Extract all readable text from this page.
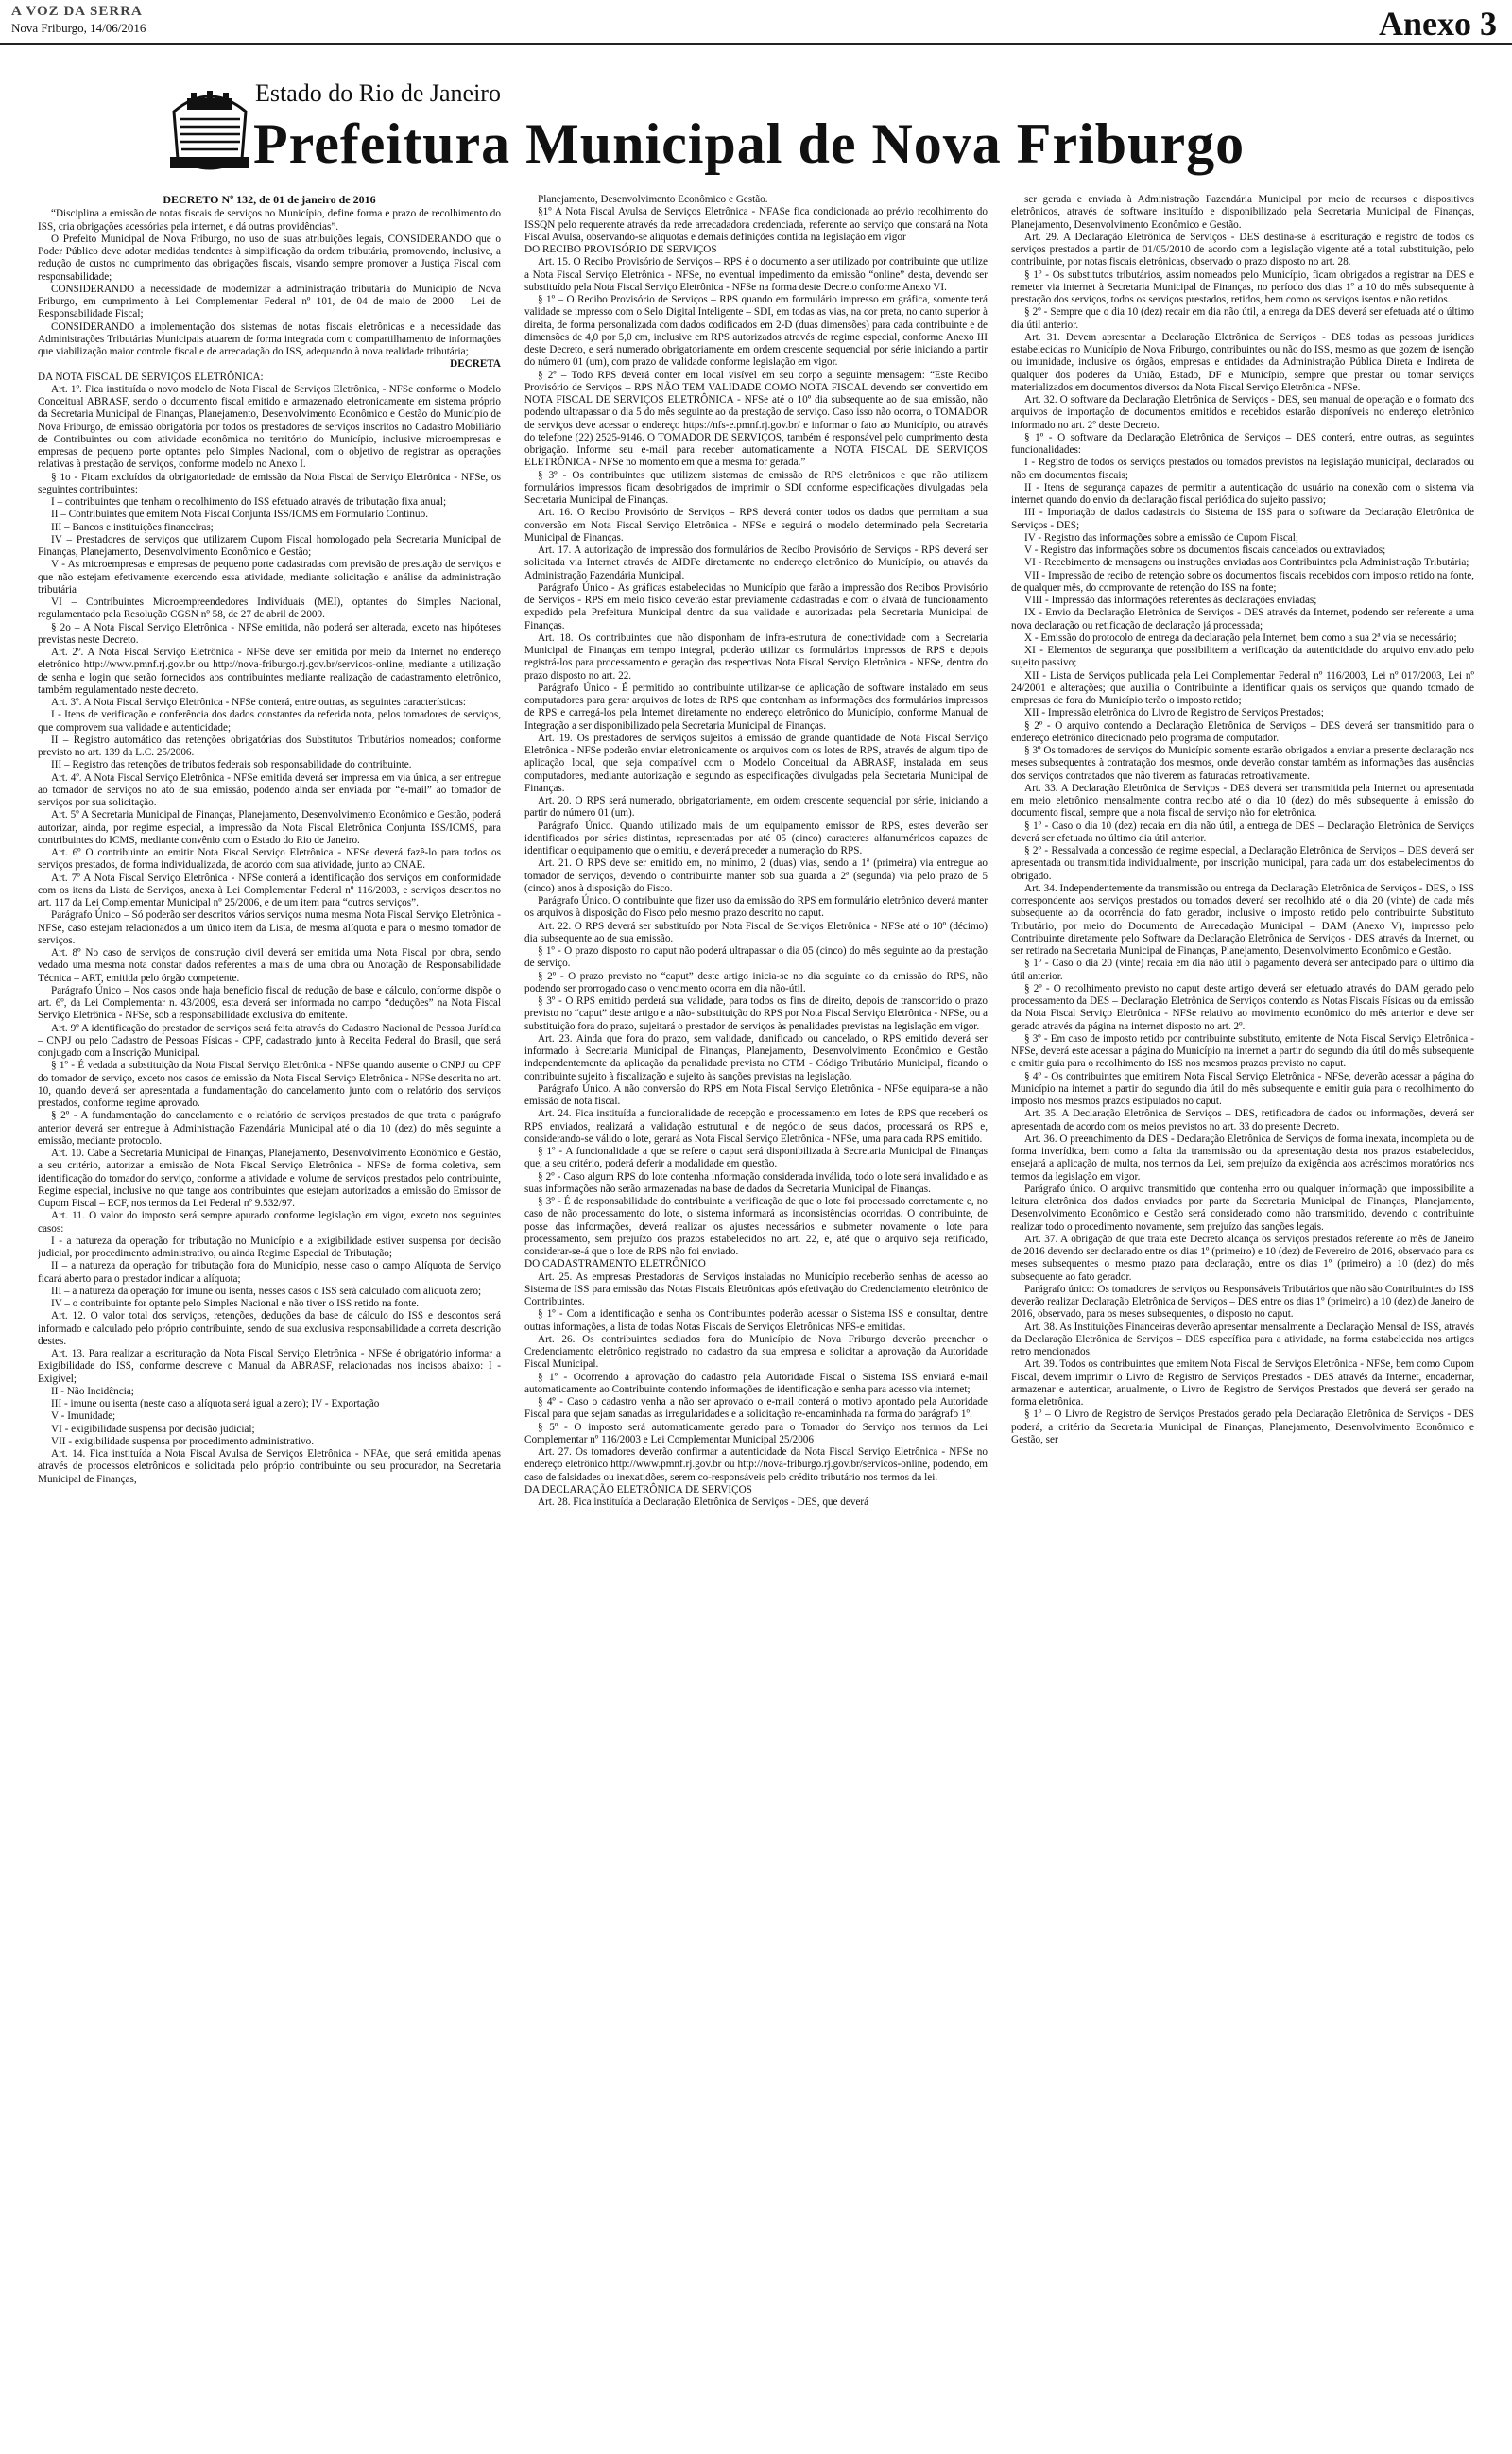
A VOZ DA SERRA
Nova Friburgo, 14/06/2016	Anexo 3
Estado do Rio de Janeiro
Prefeitura Municipal de Nova Friburgo

DECRETO Nº 132, de 01 de janeiro de 2016

“Disciplina a emissão de notas fiscais de serviços no Município, define forma e prazo de recolhimento do ISS, cria obrigações acessórias pela internet, e dá outras providências”.

O Prefeito Municipal de Nova Friburgo, no uso de suas atribuições legais, CONSIDERANDO que o Poder Público deve adotar medidas tendentes à simplificação da ordem tributária, promovendo, inclusive, a redução de custos no cumprimento das obrigações fiscais, visando sempre promover a Justiça Fiscal com responsabilidade;

CONSIDERANDO a necessidade de modernizar a administração tributária do Município de Nova Friburgo, em cumprimento à Lei Complementar Federal nº 101, de 04 de maio de 2000 – Lei de Responsabilidade Fiscal;

CONSIDERANDO a implementação dos sistemas de notas fiscais eletrônicas e a necessidade das Administrações Tributárias Municipais atuarem de forma integrada com o compartilhamento de informações que viabilização maior controle fiscal e de arrecadação do ISS, adequando à nova realidade tributária;

DECRETA

DA NOTA FISCAL DE SERVIÇOS ELETRÔNICA:

Art. 1º. Fica instituída o novo modelo de Nota Fiscal de Serviços Eletrônica, - NFSe conforme o Modelo Conceitual ABRASF, sendo o documento fiscal emitido e armazenado eletronicamente em sistema próprio da Secretaria Municipal de Finanças, Planejamento, Desenvolvimento Econômico e Gestão do Município de Nova Friburgo, de emissão obrigatória por todos os prestadores de serviços inscritos no Cadastro Mobiliário de Contribuintes ou com atividade econômica no território do Município, inclusive microempresas e empresas de pequeno porte optantes pelo Simples Nacional, com o objetivo de registrar as operações relativas à prestação de serviços, conforme modelo no Anexo I.

§ 1o - Ficam excluídos da obrigatoriedade de emissão da Nota Fiscal de Serviço Eletrônica - NFSe, os seguintes contribuintes:

I – contribuintes que tenham o recolhimento do ISS efetuado através de tributação fixa anual;

II – Contribuintes que emitem Nota Fiscal Conjunta ISS/ICMS em Formulário Contínuo.

III – Bancos e instituições financeiras;

IV – Prestadores de serviços que utilizarem Cupom Fiscal homologado pela Secretaria Municipal de Finanças, Planejamento, Desenvolvimento Econômico e Gestão;

V - As microempresas e empresas de pequeno porte cadastradas com previsão de prestação de serviços e que não estejam efetivamente exercendo essa atividade, mediante solicitação e análise da administração tributária

VI – Contribuintes Microempreendedores Individuais (MEI), optantes do Simples Nacional, regulamentado pela Resolução CGSN nº 58, de 27 de abril de 2009.

§ 2o – A Nota Fiscal Serviço Eletrônica - NFSe emitida, não poderá ser alterada, exceto nas hipóteses previstas neste Decreto.

Art. 2º. A Nota Fiscal Serviço Eletrônica - NFSe deve ser emitida por meio da Internet no endereço eletrônico http://www.pmnf.rj.gov.br ou http://nova-friburgo.rj.gov.br/servicos-online, mediante a utilização de senha e login que serão fornecidos aos contribuintes mediante realização de cadastramento eletrônico, também regulamentado neste decreto.

Art. 3º. A Nota Fiscal Serviço Eletrônica - NFSe conterá, entre outras, as seguintes características:

I - Itens de verificação e conferência dos dados constantes da referida nota, pelos tomadores de serviços, que comprovem sua validade e autenticidade;

II – Registro automático das retenções obrigatórias dos Substitutos Tributários nomeados; conforme previsto no art. 139 da L.C. 25/2006.

III – Registro das retenções de tributos federais sob responsabilidade do contribuinte.

Art. 4º. A Nota Fiscal Serviço Eletrônica - NFSe emitida deverá ser impressa em via única, a ser entregue ao tomador de serviços no ato de sua emissão, podendo ainda ser enviada por “e-mail” ao tomador de serviços por sua solicitação.

Art. 5º A Secretaria Municipal de Finanças, Planejamento, Desenvolvimento Econômico e Gestão, poderá autorizar, ainda, por regime especial, a impressão da Nota Fiscal Eletrônica Conjunta ISS/ICMS, para contribuintes do ICMS, mediante convênio com o Estado do Rio de Janeiro.

Art. 6º O contribuinte ao emitir Nota Fiscal Serviço Eletrônica - NFSe deverá fazê-lo para todos os serviços prestados, de forma individualizada, de acordo com sua atividade, junto ao CNAE.

Art. 7º A Nota Fiscal Serviço Eletrônica - NFSe conterá a identificação dos serviços em conformidade com os itens da Lista de Serviços, anexa à Lei Complementar Federal nº 116/2003, e serviços descritos no art. 117 da Lei Complementar Municipal nº 25/2006, e de um item para “outros serviços”.

Parágrafo Único – Só poderão ser descritos vários serviços numa mesma Nota Fiscal Serviço Eletrônica - NFSe, caso estejam relacionados a um único item da Lista, de mesma alíquota e para o mesmo tomador de serviços.

Art. 8º No caso de serviços de construção civil deverá ser emitida uma Nota Fiscal por obra, sendo vedado uma mesma nota constar dados referentes a mais de uma obra ou Anotação de Responsabilidade Técnica – ART, emitida pelo órgão competente.

Parágrafo Único – Nos casos onde haja benefício fiscal de redução de base e cálculo, conforme dispõe o art. 6º, da Lei Complementar n. 43/2009, esta deverá ser informada no campo “deduções” na Nota Fiscal Serviço Eletrônica - NFSe, sob a responsabilidade exclusiva do emitente.

Art. 9º A identificação do prestador de serviços será feita através do Cadastro Nacional de Pessoa Jurídica – CNPJ ou pelo Cadastro de Pessoas Físicas - CPF, cadastrado junto à Receita Federal do Brasil, que será conjugado com a Inscrição Municipal.

§ 1º - É vedada a substituição da Nota Fiscal Serviço Eletrônica - NFSe quando ausente o CNPJ ou CPF do tomador de serviço, exceto nos casos de emissão da Nota Fiscal Serviço Eletrônica - NFSe descrita no art. 10, quando deverá ser apresentada a fundamentação do cancelamento junto com o relatório dos serviços prestados, conforme regime aprovado.

§ 2º - A fundamentação do cancelamento e o relatório de serviços prestados de que trata o parágrafo anterior deverá ser entregue à Administração Fazendária Municipal até o dia 10 (dez) do mês seguinte a emissão, mediante protocolo.

Art. 10. Cabe a Secretaria Municipal de Finanças, Planejamento, Desenvolvimento Econômico e Gestão, a seu critério, autorizar a emissão de Nota Fiscal Serviço Eletrônica - NFSe de forma coletiva, sem identificação do tomador do serviço, conforme a atividade e volume de serviços prestados pelo contribuinte, Regime especial, inclusive no que tange aos contribuintes que estejam autorizados a emissão do Emissor de Cupom Fiscal – ECF, nos termos da Lei Federal nº 9.532/97.

Art. 11. O valor do imposto será sempre apurado conforme legislação em vigor, exceto nos seguintes casos:

I - a natureza da operação for tributação no Município e a exigibilidade estiver suspensa por decisão judicial, por procedimento administrativo, ou ainda Regime Especial de Tributação;

II – a natureza da operação for tributação fora do Município, nesse caso o campo Alíquota de Serviço ficará aberto para o prestador indicar a alíquota;

III – a natureza da operação for imune ou isenta, nesses casos o ISS será calculado com alíquota zero;

IV – o contribuinte for optante pelo Simples Nacional e não tiver o ISS retido na fonte.

Art. 12. O valor total dos serviços, retenções, deduções da base de cálculo do ISS e descontos será informado e calculado pelo próprio contribuinte, sendo de sua exclusiva responsabilidade a correta descrição destes.

Art. 13. Para realizar a escrituração da Nota Fiscal Serviço Eletrônica - NFSe é obrigatório informar a Exigibilidade do ISS, conforme descreve o Manual da ABRASF, relacionadas nos incisos abaixo: I - Exigível;

II - Não Incidência;

III - imune ou isenta (neste caso a alíquota será igual a zero); IV - Exportação

V - Imunidade;

VI - exigibilidade suspensa por decisão judicial;

VII - exigibilidade suspensa por procedimento administrativo.

Art. 14. Fica instituída a Nota Fiscal Avulsa de Serviços Eletrônica - NFAe, que será emitida apenas através de processos eletrônicos e solicitada pelo próprio contribuinte ou seu procurador, na Secretaria Municipal de Finanças,

Planejamento, Desenvolvimento Econômico e Gestão.

§1º A Nota Fiscal Avulsa de Serviços Eletrônica - NFASe fica condicionada ao prévio recolhimento do ISSQN pelo requerente através da rede arrecadadora credenciada, referente ao serviço que constará na Nota Fiscal Avulsa, observando-se alíquotas e demais definições contida na legislação em vigor

DO RECIBO PROVISÓRIO DE SERVIÇOS

Art. 15. O Recibo Provisório de Serviços – RPS é o documento a ser utilizado por contribuinte que utilize a Nota Fiscal Serviço Eletrônica - NFSe, no eventual impedimento da emissão “online” desta, devendo ser substituído pela Nota Fiscal Serviço Eletrônica - NFSe na forma deste Decreto conforme Anexo VI.

§ 1º – O Recibo Provisório de Serviços – RPS quando em formulário impresso em gráfica, somente terá validade se impresso com o Selo Digital Inteligente – SDI, em todas as vias, na cor preta, no canto superior à direita, de forma personalizada com dados codificados em 2-D (duas dimensões) para cada contribuinte e de dimensões de 4,0 por 5,0 cm, inclusive em RPS autorizados através de regime especial, conforme Anexo III deste Decreto, e será numerado obrigatoriamente em ordem crescente sequencial por série iniciando a partir do número 01 (um), com prazo de validade conforme legislação em vigor.

§ 2º – Todo RPS deverá conter em local visível em seu corpo a seguinte mensagem: “Este Recibo Provisório de Serviços – RPS NÃO TEM VALIDADE COMO NOTA FISCAL devendo ser convertido em NOTA FISCAL DE SERVIÇOS ELETRÔNICA - NFSe até o 10º dia subsequente ao de sua emissão, não podendo ultrapassar o dia 5 do mês seguinte ao da prestação de serviço. Caso isso não ocorra, o TOMADOR de serviços deve acessar o endereço https://nfs-e.pmnf.rj.gov.br/ e informar o fato ao Município, ou através do telefone (22) 2525-9146. O TOMADOR DE SERVIÇOS, também é responsável pelo cumprimento desta obrigação. Informe seu e-mail para receber automaticamente a NOTA FISCAL DE SERVIÇOS ELETRÔNICA - NFSe no momento em que a mesma for gerada.”

§ 3º - Os contribuintes que utilizem sistemas de emissão de RPS eletrônicos e que não utilizem formulários impressos ficam desobrigados de imprimir o SDI conforme especificações divulgadas pela Secretaria Municipal de Finanças.

Art. 16. O Recibo Provisório de Serviços – RPS deverá conter todos os dados que permitam a sua conversão em Nota Fiscal Serviço Eletrônica - NFSe e seguirá o modelo determinado pela Secretaria Municipal de Finanças.

Art. 17. A autorização de impressão dos formulários de Recibo Provisório de Serviços - RPS deverá ser solicitada via Internet através de AIDFe diretamente no endereço eletrônico do Município, ou através da Administração Fazendária Municipal.

Parágrafo Único - As gráficas estabelecidas no Município que farão a impressão dos Recibos Provisório de Serviços - RPS em meio físico deverão estar previamente cadastradas e com o alvará de funcionamento expedido pela Prefeitura Municipal dentro da sua validade e autorizadas pela Secretaria Municipal de Finanças.

Art. 18. Os contribuintes que não disponham de infra-estrutura de conectividade com a Secretaria Municipal de Finanças em tempo integral, poderão utilizar os formulários impressos de RPS e depois registrá-los para processamento e geração das respectivas Nota Fiscal Serviço Eletrônica - NFSe, dentro do prazo disposto no art. 22.

Parágrafo Único - É permitido ao contribuinte utilizar-se de aplicação de software instalado em seus computadores para gerar arquivos de lotes de RPS que contenham as informações dos formulários impressos de RPS e carregá-los pela Internet diretamente no endereço eletrônico do Município, conforme Manual de Integração a ser disponibilizado pela Secretaria Municipal de Finanças.

Art. 19. Os prestadores de serviços sujeitos à emissão de grande quantidade de Nota Fiscal Serviço Eletrônica - NFSe poderão enviar eletronicamente os arquivos com os lotes de RPS, através de algum tipo de aplicação local, que seja compatível com o Modelo Conceitual da ABRASF, instalada em seus computadores, mediante autorização e segundo as especificações divulgadas pela Secretaria Municipal de Finanças.

Art. 20. O RPS será numerado, obrigatoriamente, em ordem crescente sequencial por série, iniciando a partir do número 01 (um).

Parágrafo Único. Quando utilizado mais de um equipamento emissor de RPS, estes deverão ser identificados por séries distintas, representadas por até 05 (cinco) caracteres alfanuméricos capazes de identificar o equipamento que o emitiu, e deverá preceder a numeração do RPS.

Art. 21. O RPS deve ser emitido em, no mínimo, 2 (duas) vias, sendo a 1ª (primeira) via entregue ao tomador de serviços, devendo o contribuinte manter sob sua guarda a 2ª (segunda) via pelo prazo de 5 (cinco) anos à disposição do Fisco.

Parágrafo Único. O contribuinte que fizer uso da emissão do RPS em formulário eletrônico deverá manter os arquivos à disposição do Fisco pelo mesmo prazo descrito no caput.

Art. 22. O RPS deverá ser substituído por Nota Fiscal de Serviços Eletrônica - NFSe até o 10º (décimo) dia subsequente ao de sua emissão.

§ 1º - O prazo disposto no caput não poderá ultrapassar o dia 05 (cinco) do mês seguinte ao da prestação de serviço.

§ 2º - O prazo previsto no “caput” deste artigo inicia-se no dia seguinte ao da emissão do RPS, não podendo ser prorrogado caso o vencimento ocorra em dia não-útil.

§ 3º - O RPS emitido perderá sua validade, para todos os fins de direito, depois de transcorrido o prazo previsto no “caput” deste artigo e a não- substituição do RPS por Nota Fiscal Serviço Eletrônica - NFSe, ou a substituição fora do prazo, sujeitará o prestador de serviços às penalidades previstas na legislação em vigor.

Art. 23. Ainda que fora do prazo, sem validade, danificado ou cancelado, o RPS emitido deverá ser informado à Secretaria Municipal de Finanças, Planejamento, Desenvolvimento Econômico e Gestão independentemente da aplicação da penalidade prevista no CTM - Código Tributário Municipal, ficando o contribuinte sujeito à fiscalização e sujeito às sanções previstas na legislação.

Parágrafo Único. A não conversão do RPS em Nota Fiscal Serviço Eletrônica - NFSe equipara-se a não emissão de nota fiscal.

Art. 24. Fica instituída a funcionalidade de recepção e processamento em lotes de RPS que receberá os RPS enviados, realizará a validação estrutural e de negócio de seus dados, processará os RPS e, considerando-se válido o lote, gerará as Nota Fiscal Serviço Eletrônica - NFSe, uma para cada RPS emitido.

§ 1º - A funcionalidade a que se refere o caput será disponibilizada à Secretaria Municipal de Finanças que, a seu critério, poderá deferir a modalidade em questão.

§ 2º - Caso algum RPS do lote contenha informação considerada inválida, todo o lote será invalidado e as suas informações não serão armazenadas na base de dados da Secretaria Municipal de Finanças.

§ 3º - É de responsabilidade do contribuinte a verificação de que o lote foi processado corretamente e, no caso de não processamento do lote, o sistema informará as inconsistências ocorridas. O contribuinte, de posse das informações, deverá realizar os ajustes necessários e submeter novamente o lote para processamento, sem prejuízo dos prazos estabelecidos no art. 22, e, até que o arquivo seja retificado, considerar-se-á que o lote de RPS não foi enviado.

DO CADASTRAMENTO ELETRÔNICO

Art. 25. As empresas Prestadoras de Serviços instaladas no Município receberão senhas de acesso ao Sistema de ISS para emissão das Notas Fiscais Eletrônicas após efetivação do Credenciamento eletrônico de Contribuintes.

§ 1º - Com a identificação e senha os Contribuintes poderão acessar o Sistema ISS e consultar, dentre outras informações, a lista de todas Notas Fiscais de Serviços Eletrônicas NFS-e emitidas.

Art. 26. Os contribuintes sediados fora do Município de Nova Friburgo deverão preencher o Credenciamento eletrônico registrado no cadastro da sua empresa e solicitar a aprovação da Autoridade Fiscal Municipal.

§ 1º - Ocorrendo a aprovação do cadastro pela Autoridade Fiscal o Sistema ISS enviará e-mail automaticamente ao Contribuinte contendo informações de identificação e senha para acesso via internet;

§ 4º - Caso o cadastro venha a não ser aprovado o e-mail conterá o motivo apontado pela Autoridade Fiscal para que sejam sanadas as irregularidades e a solicitação re-encaminhada na forma do parágrafo 1º.

§ 5º - O imposto será automaticamente gerado para o Tomador do Serviço nos termos da Lei Complementar nº 116/2003 e Lei Complementar Municipal 25/2006

Art. 27. Os tomadores deverão confirmar a autenticidade da Nota Fiscal Serviço Eletrônica - NFSe no endereço eletrônico http://www.pmnf.rj.gov.br ou http://nova-friburgo.rj.gov.br/servicos-online, podendo, em caso de falsidades ou inexatidões, serem co-responsáveis pelo crédito tributário nos termos da lei.

DA DECLARAÇÃO ELETRÔNICA DE SERVIÇOS

Art. 28. Fica instituída a Declaração Eletrônica de Serviços - DES, que deverá

ser gerada e enviada à Administração Fazendária Municipal por meio de recursos e dispositivos eletrônicos, através de software instituído e disponibilizado pela Secretaria Municipal de Finanças, Planejamento, Desenvolvimento Econômico e Gestão.

Art. 29. A Declaração Eletrônica de Serviços - DES destina-se à escrituração e registro de todos os serviços prestados a partir de 01/05/2010 de acordo com a legislação vigente até a total substituição, pelo contribuinte, por notas fiscais eletrônicas, observado o prazo disposto no art. 28.

§ 1º - Os substitutos tributários, assim nomeados pelo Município, ficam obrigados a registrar na DES e remeter via internet à Secretaria Municipal de Finanças, no período dos dias 1º a 10 do mês subsequente à prestação dos serviços, todos os serviços prestados, retidos, bem como os serviços isentos e não retidos.

§ 2º - Sempre que o dia 10 (dez) recair em dia não útil, a entrega da DES deverá ser efetuada até o último dia útil anterior.

Art. 31. Devem apresentar a Declaração Eletrônica de Serviços - DES todas as pessoas jurídicas estabelecidas no Município de Nova Friburgo, contribuintes ou não do ISS, mesmo as que gozem de isenção ou imunidade, inclusive os órgãos, empresas e entidades da Administração Pública Direta e Indireta de qualquer dos poderes da União, Estado, DF e Município, sempre que prestar ou tomar serviços materializados em documentos diversos da Nota Fiscal Serviço Eletrônica - NFSe.

Art. 32. O software da Declaração Eletrônica de Serviços - DES, seu manual de operação e o formato dos arquivos de importação de documentos emitidos e recebidos estarão disponíveis no endereço eletrônico informado no art. 2º deste Decreto.

§ 1º - O software da Declaração Eletrônica de Serviços – DES conterá, entre outras, as seguintes funcionalidades:

I - Registro de todos os serviços prestados ou tomados previstos na legislação municipal, declarados ou não em documentos fiscais;

II - Itens de segurança capazes de permitir a autenticação do usuário na conexão com o sistema via internet quando do envio da declaração fiscal periódica do sujeito passivo;

III - Importação de dados cadastrais do Sistema de ISS para o software da Declaração Eletrônica de Serviços - DES;

IV - Registro das informações sobre a emissão de Cupom Fiscal;

V - Registro das informações sobre os documentos fiscais cancelados ou extraviados;

VI - Recebimento de mensagens ou instruções enviadas aos Contribuintes pela Administração Tributária;

VII - Impressão de recibo de retenção sobre os documentos fiscais recebidos com imposto retido na fonte, de qualquer mês, do comprovante de retenção do ISS na fonte;

VIII - Impressão das informações referentes às declarações enviadas;

IX - Envio da Declaração Eletrônica de Serviços - DES através da Internet, podendo ser referente a uma nova declaração ou retificação de declaração já processada;

X - Emissão do protocolo de entrega da declaração pela Internet, bem como a sua 2ª via se necessário;

XI - Elementos de segurança que possibilitem a verificação da autenticidade do arquivo enviado pelo sujeito passivo;

XII - Lista de Serviços publicada pela Lei Complementar Federal nº 116/2003, Lei nº 017/2003, Lei nº 24/2001 e alterações; que auxilia o Contribuinte a identificar quais os serviços que quando tomado de empresas de fora do Município terão o imposto retido;

XII - Impressão eletrônica do Livro de Registro de Serviços Prestados;

§ 2º - O arquivo contendo a Declaração Eletrônica de Serviços – DES deverá ser transmitido para o endereço eletrônico direcionado pelo programa de computador.

§ 3º Os tomadores de serviços do Município somente estarão obrigados a enviar a presente declaração nos meses subsequentes à contratação dos mesmos, onde deverão constar também as informações das ausências dos serviços contratados que não tiverem as faturadas retroativamente.

Art. 33. A Declaração Eletrônica de Serviços - DES deverá ser transmitida pela Internet ou apresentada em meio eletrônico mensalmente contra recibo até o dia 10 (dez) do mês subsequente à emissão do documento fiscal, sempre que a nota fiscal de serviço não for eletrônica.

§ 1º - Caso o dia 10 (dez) recaia em dia não útil, a entrega de DES – Declaração Eletrônica de Serviços deverá ser efetuada no último dia útil anterior.

§ 2º - Ressalvada a concessão de regime especial, a Declaração Eletrônica de Serviços – DES deverá ser apresentada ou transmitida individualmente, por inscrição municipal, para cada um dos estabelecimentos do obrigado.

Art. 34. Independentemente da transmissão ou entrega da Declaração Eletrônica de Serviços - DES, o ISS correspondente aos serviços prestados ou tomados deverá ser recolhido até o dia 20 (vinte) de cada mês subsequente ao da ocorrência do fato gerador, inclusive o imposto retido pelo contribuinte Substituto Tributário, por meio do Documento de Arrecadação Municipal – DAM (Anexo V), impresso pelo Contribuinte diretamente pelo Software da Declaração Eletrônica de Serviços - DES através da Internet, ou ser retirado na Secretaria Municipal de Finanças, Planejamento, Desenvolvimento Econômico e Gestão.

§ 1º - Caso o dia 20 (vinte) recaia em dia não útil o pagamento deverá ser antecipado para o último dia útil anterior.

§ 2º - O recolhimento previsto no caput deste artigo deverá ser efetuado através do DAM gerado pelo processamento da DES – Declaração Eletrônica de Serviços contendo as Notas Fiscais Físicas ou da emissão da Nota Fiscal Serviço Eletrônica - NFSe relativo ao movimento econômico do mês anterior e deve ser gerado através da página na internet disposto no art. 2º.

§ 3º - Em caso de imposto retido por contribuinte substituto, emitente de Nota Fiscal Serviço Eletrônica - NFSe, deverá este acessar a página do Município na internet a partir do segundo dia útil do mês subsequente e emitir guia para o recolhimento do ISS nos mesmos prazos previsto no caput.

§ 4º - Os contribuintes que emitirem Nota Fiscal Serviço Eletrônica - NFSe, deverão acessar a página do Município na internet a partir do segundo dia útil do mês subsequente e emitir guia para o recolhimento do imposto nos mesmos prazos estipulados no caput.

Art. 35. A Declaração Eletrônica de Serviços – DES, retificadora de dados ou informações, deverá ser apresentada de acordo com os meios previstos no art. 33 do presente Decreto.

Art. 36. O preenchimento da DES - Declaração Eletrônica de Serviços de forma inexata, incompleta ou de forma inverídica, bem como a falta da transmissão ou da apresentação desta nos prazos estabelecidos, ensejará a aplicação de multa, nos termos da Lei, sem prejuízo da exigência aos acréscimos moratórios nos termos da legislação em vigor.

Parágrafo único. O arquivo transmitido que contenha erro ou qualquer informação que impossibilite a leitura eletrônica dos dados enviados por parte da Secretaria Municipal de Finanças, Planejamento, Desenvolvimento Econômico e Gestão será considerado como não transmitido, devendo o contribuinte realizar todo o procedimento novamente, sem prejuízo das sanções legais.

Art. 37. A obrigação de que trata este Decreto alcança os serviços prestados referente ao mês de Janeiro de 2016 devendo ser declarado entre os dias 1º (primeiro) e 10 (dez) de Fevereiro de 2016, observado para os meses subsequentes o mesmo prazo para declaração, entre os dias 1º (primeiro) a 10 (dez) do mês subsequente ao fato gerador.

Parágrafo único: Os tomadores de serviços ou Responsáveis Tributários que não são Contribuintes do ISS deverão realizar Declaração Eletrônica de Serviços – DES entre os dias 1º (primeiro) a 10 (dez) de Janeiro de 2016, observado, para os meses subsequentes, o disposto no caput.

Art. 38. As Instituições Financeiras deverão apresentar mensalmente a Declaração Mensal de ISS, através da Declaração Eletrônica de Serviços – DES específica para a atividade, na forma estabelecida nos artigos retro mencionados.

Art. 39. Todos os contribuintes que emitem Nota Fiscal de Serviços Eletrônica - NFSe, bem como Cupom Fiscal, devem imprimir o Livro de Registro de Serviços Prestados - DES através da Internet, encadernar, armazenar e autenticar, anualmente, o Livro de Registro de Serviços Prestados que deverá ser gerado na forma eletrônica.

§ 1º – O Livro de Registro de Serviços Prestados gerado pela Declaração Eletrônica de Serviços - DES poderá, a critério da Secretaria Municipal de Finanças, Planejamento, Desenvolvimento Econômico e Gestão, ser
